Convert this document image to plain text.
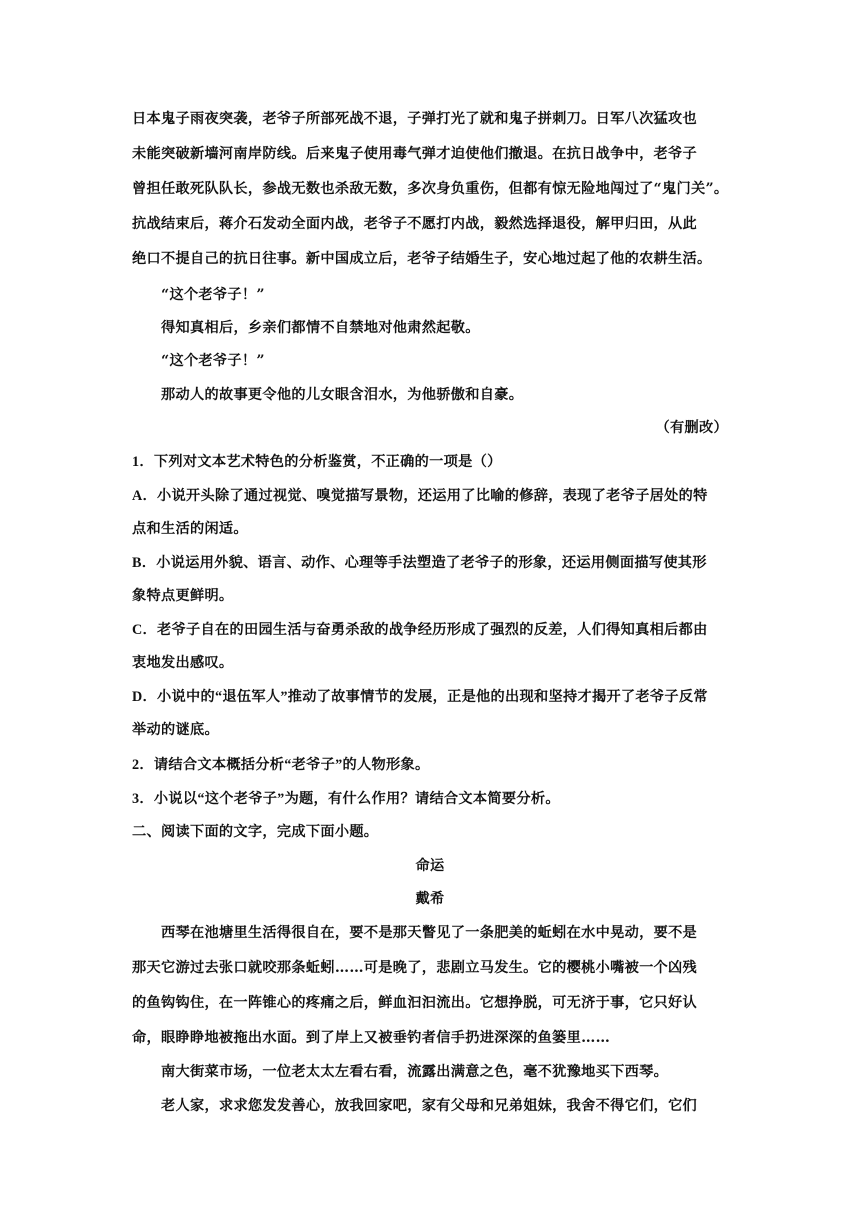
日本鬼子雨夜突袭，老爷子所部死战不退，子弹打光了就和鬼子拼刺刀。日军八次猛攻也
未能突破新墙河南岸防线。后来鬼子使用毒气弹才迫使他们撤退。在抗日战争中，老爷子
曾担任敢死队队长，参战无数也杀敌无数，多次身负重伤，但都有惊无险地闯过了“鬼门关”。
抗战结束后，蒋介石发动全面内战，老爷子不愿打内战，毅然选择退役，解甲归田，从此
绝口不提自己的抗日往事。新中国成立后，老爷子结婚生子，安心地过起了他的农耕生活。
“这个老爷子！”
得知真相后，乡亲们都情不自禁地对他肃然起敬。
“这个老爷子！”
那动人的故事更令他的儿女眼含泪水，为他骄傲和自豪。
（有删改）
1．下列对文本艺术特色的分析鉴赏，不正确的一项是（）
A．小说开头除了通过视觉、嗅觉描写景物，还运用了比喻的修辞，表现了老爷子居处的特
点和生活的闲适。
B．小说运用外貌、语言、动作、心理等手法塑造了老爷子的形象，还运用侧面描写使其形
象特点更鲜明。
C．老爷子自在的田园生活与奋勇杀敌的战争经历形成了强烈的反差，人们得知真相后都由
衷地发出感叹。
D．小说中的“退伍军人”推动了故事情节的发展，正是他的出现和坚持才揭开了老爷子反常
举动的谜底。
2．请结合文本概括分析“老爷子”的人物形象。
3．小说以“这个老爷子”为题，有什么作用？请结合文本简要分析。
二、阅读下面的文字，完成下面小题。
命运
戴希
西琴在池塘里生活得很自在，要不是那天瞥见了一条肥美的蚯蚓在水中晃动，要不是
那天它游过去张口就咬那条蚯蚓……可是晚了，悲剧立马发生。它的樱桃小嘴被一个凶残
的鱼钩钩住，在一阵锥心的疼痛之后，鲜血汩汩流出。它想挣脱，可无济于事，它只好认
命，眼睁睁地被拖出水面。到了岸上又被垂钓者信手扔进深深的鱼篓里……
南大街菜市场，一位老太太左看右看，流露出满意之色，毫不犹豫地买下西琴。
老人家，求求您发发善心，放我回家吧，家有父母和兄弟姐妹，我舍不得它们，它们
